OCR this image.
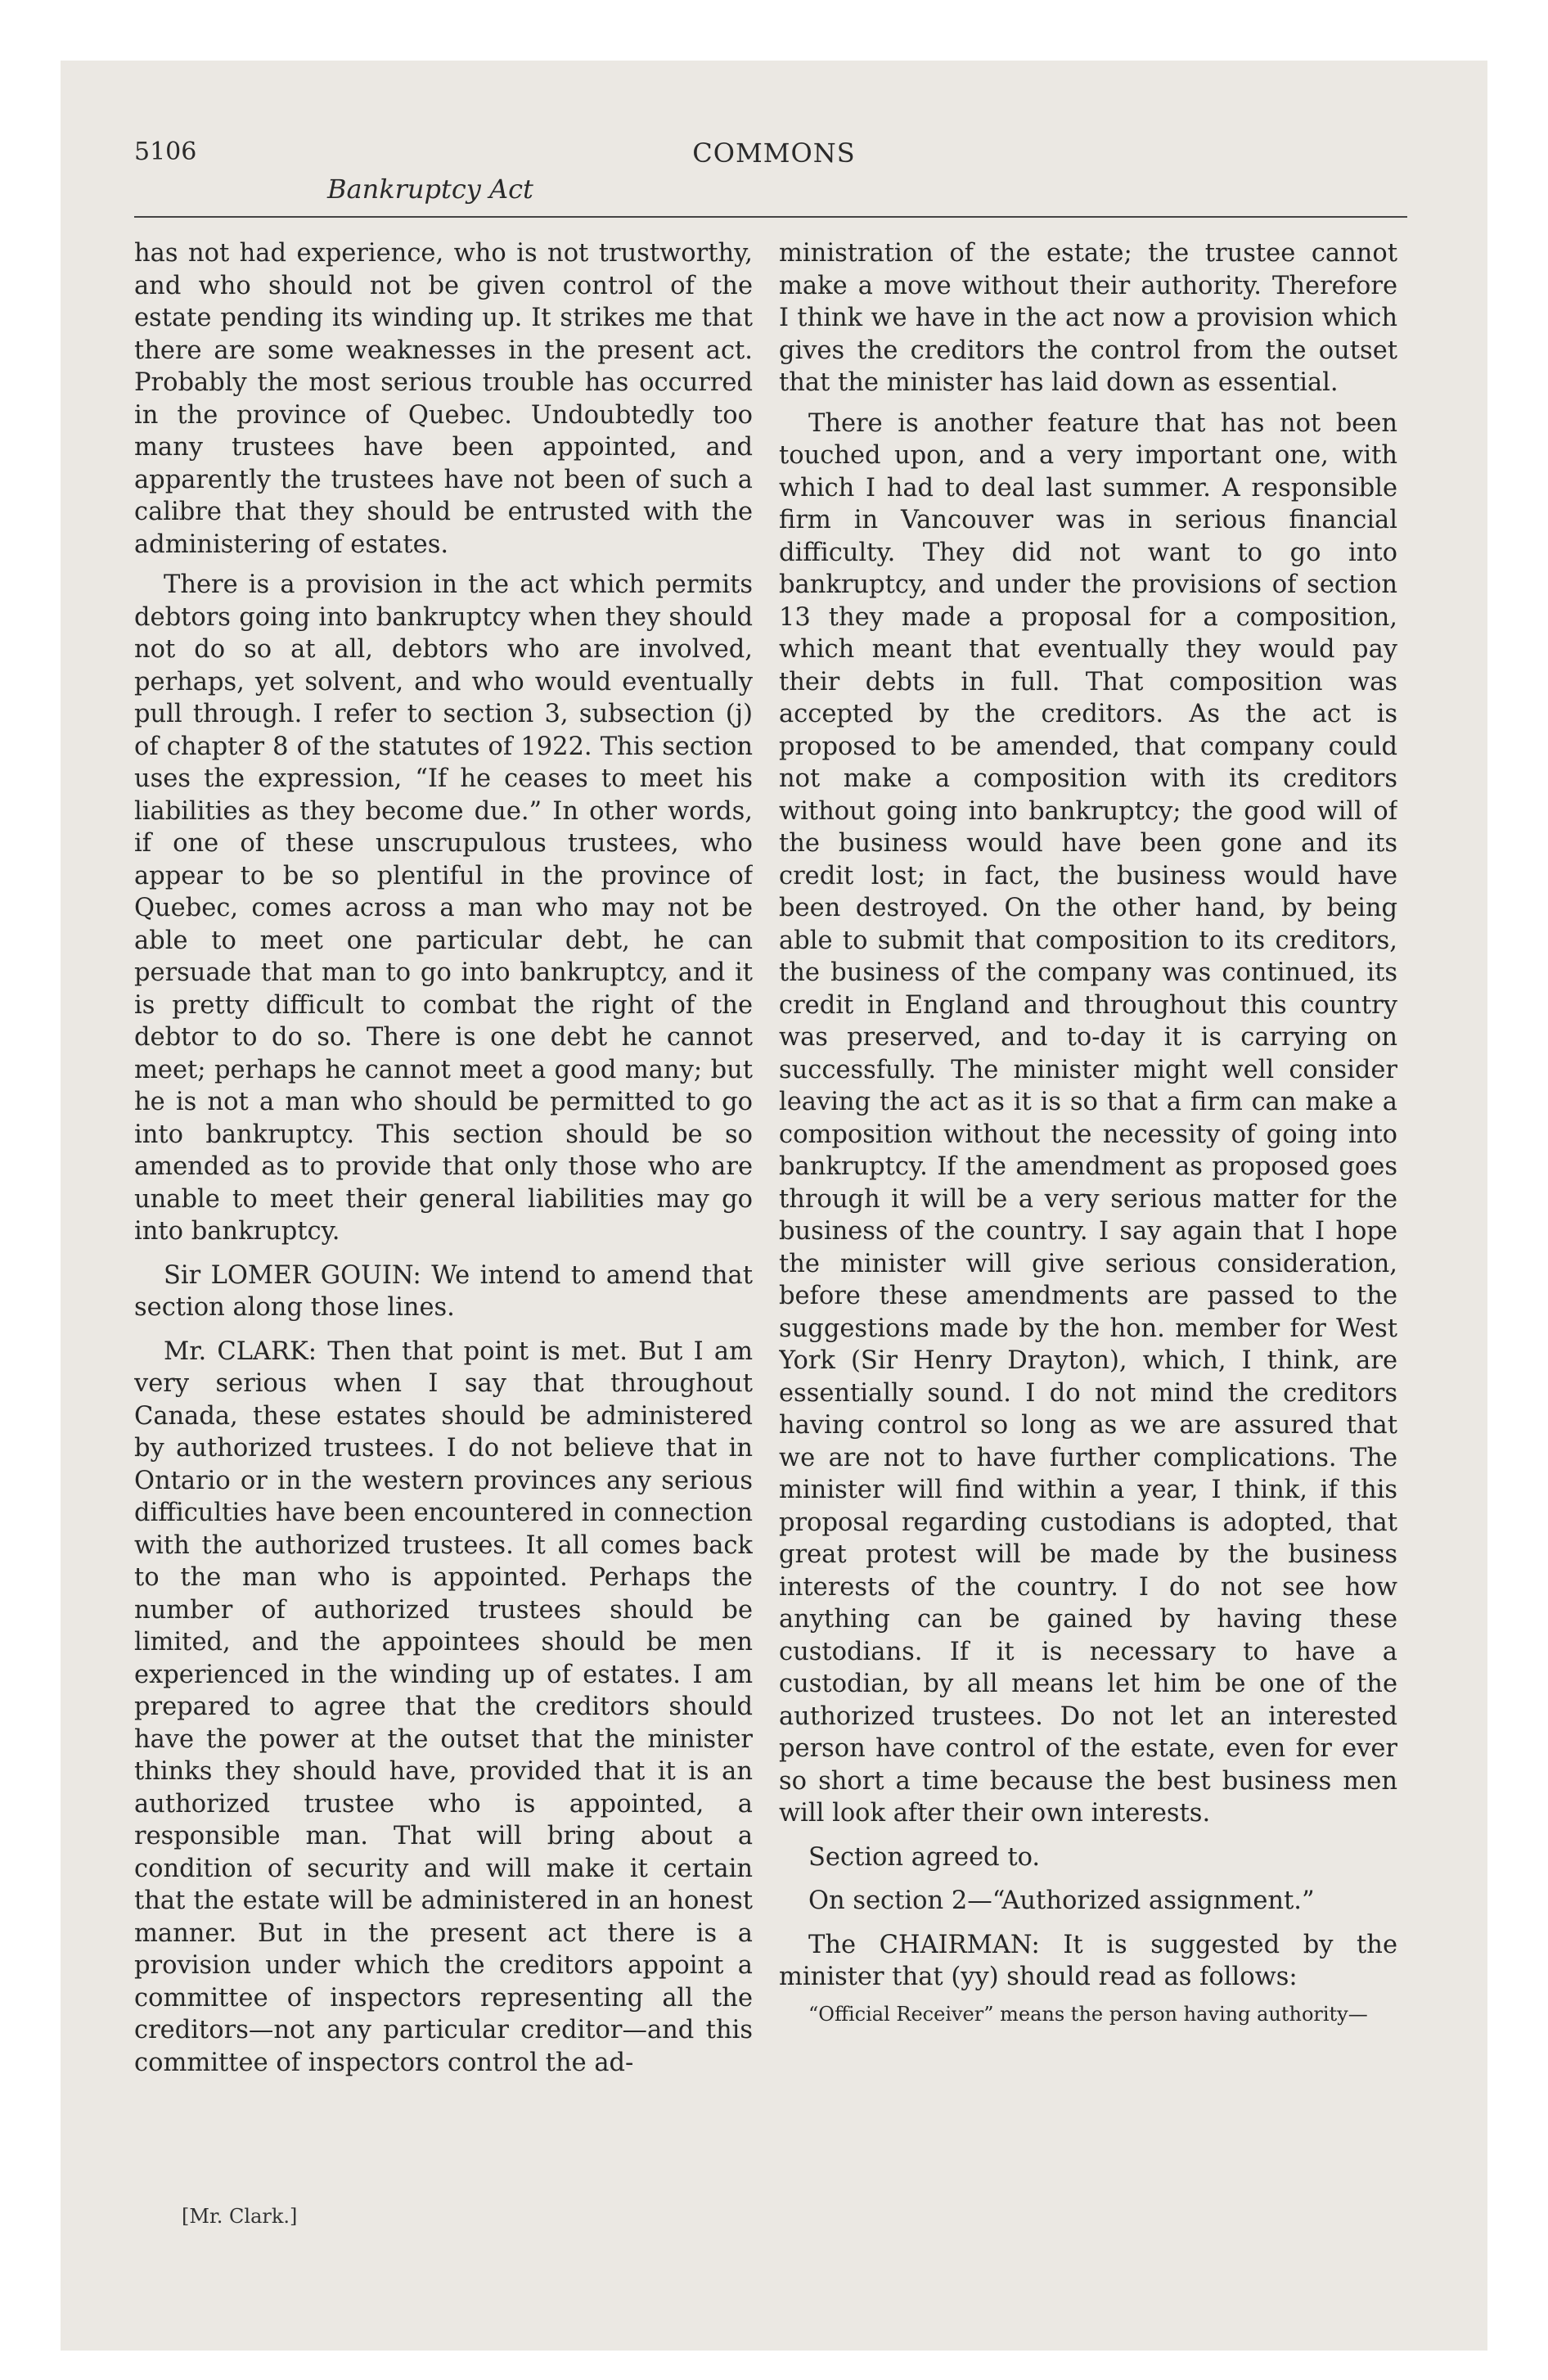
5106	COMMONS
Bankruptcy Act

has not had experience, who is not trustworthy, and who should not be given control of the estate pending its winding up. It strikes me that there are some weaknesses in the present act. Probably the most serious trouble has occurred in the province of Quebec. Undoubtedly too many trustees have been appointed, and apparently the trustees have not been of such a calibre that they should be entrusted with the administering of estates.

There is a provision in the act which permits debtors going into bankruptcy when they should not do so at all, debtors who are involved, perhaps, yet solvent, and who would eventually pull through. I refer to section 3, subsection (j) of chapter 8 of the statutes of 1922. This section uses the expression, “If he ceases to meet his liabilities as they become due.” In other words, if one of these unscrupulous trustees, who appear to be so plentiful in the province of Quebec, comes across a man who may not be able to meet one particular debt, he can persuade that man to go into bankruptcy, and it is pretty difficult to combat the right of the debtor to do so. There is one debt he cannot meet; perhaps he cannot meet a good many; but he is not a man who should be permitted to go into bankruptcy. This section should be so amended as to provide that only those who are unable to meet their general liabilities may go into bankruptcy.

Sir LOMER GOUIN: We intend to amend that section along those lines.

Mr. CLARK: Then that point is met. But I am very serious when I say that throughout Canada, these estates should be administered by authorized trustees. I do not believe that in Ontario or in the western provinces any serious difficulties have been encountered in connection with the authorized trustees. It all comes back to the man who is appointed. Perhaps the number of authorized trustees should be limited, and the appointees should be men experienced in the winding up of estates. I am prepared to agree that the creditors should have the power at the outset that the minister thinks they should have, provided that it is an authorized trustee who is appointed, a responsible man. That will bring about a condition of security and will make it certain that the estate will be administered in an honest manner. But in the present act there is a provision under which the creditors appoint a committee of inspectors representing all the creditors—not any particular creditor—and this committee of inspectors control the ad-

ministration of the estate; the trustee cannot make a move without their authority. Therefore I think we have in the act now a provision which gives the creditors the control from the outset that the minister has laid down as essential.

There is another feature that has not been touched upon, and a very important one, with which I had to deal last summer. A responsible firm in Vancouver was in serious financial difficulty. They did not want to go into bankruptcy, and under the provisions of section 13 they made a proposal for a composition, which meant that eventually they would pay their debts in full. That composition was accepted by the creditors. As the act is proposed to be amended, that company could not make a composition with its creditors without going into bankruptcy; the good will of the business would have been gone and its credit lost; in fact, the business would have been destroyed. On the other hand, by being able to submit that composition to its creditors, the business of the company was continued, its credit in England and throughout this country was preserved, and to-day it is carrying on successfully. The minister might well consider leaving the act as it is so that a firm can make a composition without the necessity of going into bankruptcy. If the amendment as proposed goes through it will be a very serious matter for the business of the country. I say again that I hope the minister will give serious consideration, before these amendments are passed to the suggestions made by the hon. member for West York (Sir Henry Drayton), which, I think, are essentially sound. I do not mind the creditors having control so long as we are assured that we are not to have further complications. The minister will find within a year, I think, if this proposal regarding custodians is adopted, that great protest will be made by the business interests of the country. I do not see how anything can be gained by having these custodians. If it is necessary to have a custodian, by all means let him be one of the authorized trustees. Do not let an interested person have control of the estate, even for ever so short a time because the best business men will look after their own interests.

Section agreed to.

On section 2—“Authorized assignment.”

The CHAIRMAN: It is suggested by the minister that (yy) should read as follows:

“Official Receiver” means the person having authority—
[Mr. Clark.]
